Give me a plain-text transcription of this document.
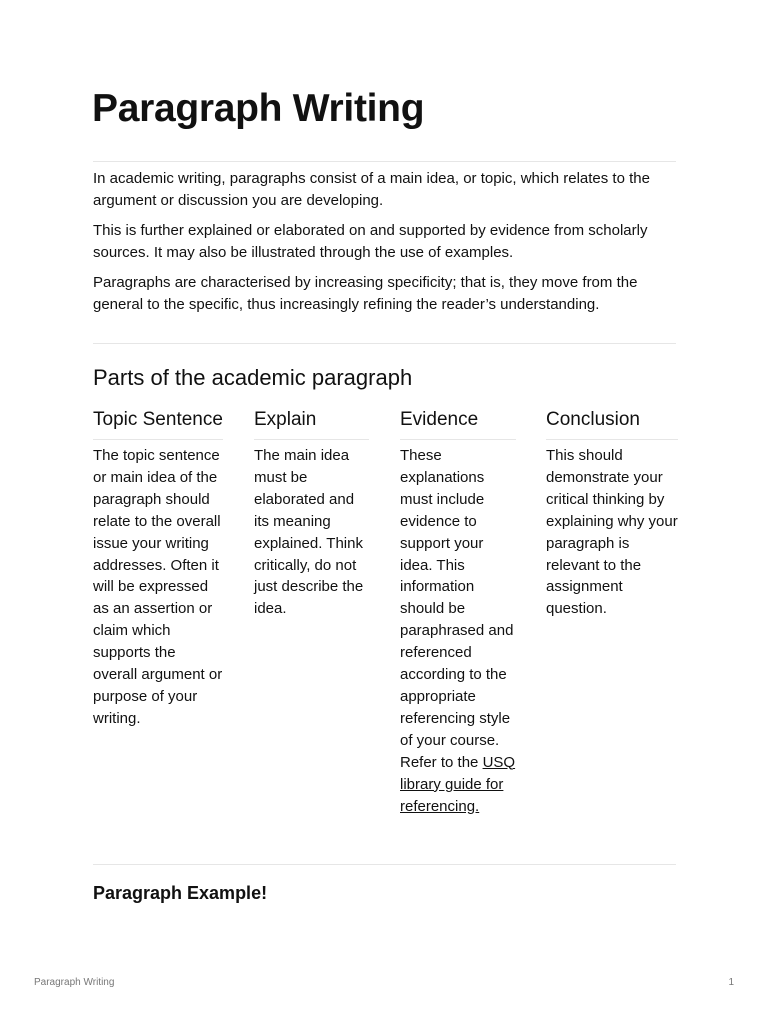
Paragraph Writing

In academic writing, paragraphs consist of a main idea, or topic, which relates to the argument or discussion you are developing.

This is further explained or elaborated on and supported by evidence from scholarly sources. It may also be illustrated through the use of examples.

Paragraphs are characterised by increasing specificity; that is, they move from the general to the specific, thus increasingly refining the reader’s understanding.

Parts of the academic paragraph
Topic Sentence

The topic sentence or main idea of the paragraph should relate to the overall issue your writing addresses. Often it will be expressed as an assertion or claim which supports the overall argument or purpose of your writing.

Explain

The main idea must be elaborated and its meaning explained. Think critically, do not just describe the idea.

Evidence

These explanations must include evidence to support your idea. This information should be paraphrased and referenced according to the appropriate referencing style of your course. Refer to the USQ library guide for referencing.

Conclusion

This should demonstrate your critical thinking by explaining why your paragraph is relevant to the assignment question.

Paragraph Example!
Paragraph Writing	1
